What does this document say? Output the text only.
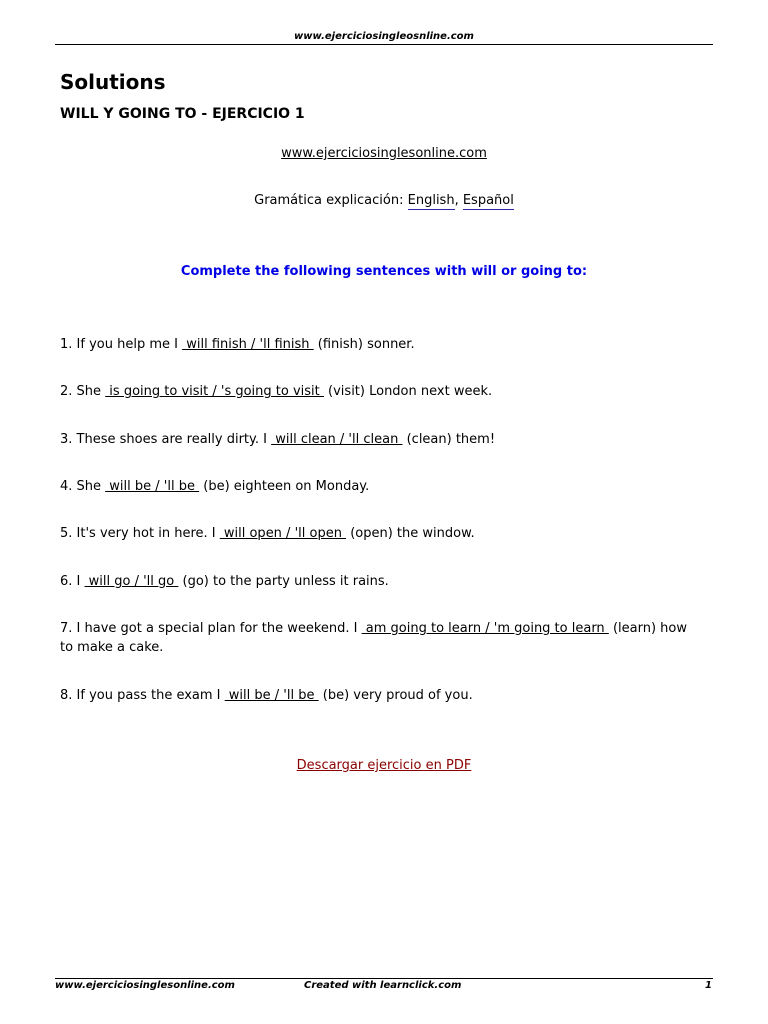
www.ejerciciosingleosnline.com
Solutions
WILL Y GOING TO - EJERCICIO 1
www.ejerciciosinglesonline.com
Gramática explicación: English, Español
Complete the following sentences with will or going to:
1. If you help me I  will finish / 'll finish  (finish) sonner.
2. She  is going to visit / 's going to visit  (visit) London next week.
3. These shoes are really dirty. I  will clean / 'll clean  (clean) them!
4. She  will be / 'll be  (be) eighteen on Monday.
5. It's very hot in here. I  will open / 'll open  (open) the window.
6. I  will go / 'll go  (go) to the party unless it rains.
7. I have got a special plan for the weekend. I  am going to learn / 'm going to learn  (learn) how to make a cake.
8. If you pass the exam I  will be / 'll be  (be) very proud of you.
Descargar ejercicio en PDF
www.ejerciciosinglesonline.com	Created with learnclick.com	1
